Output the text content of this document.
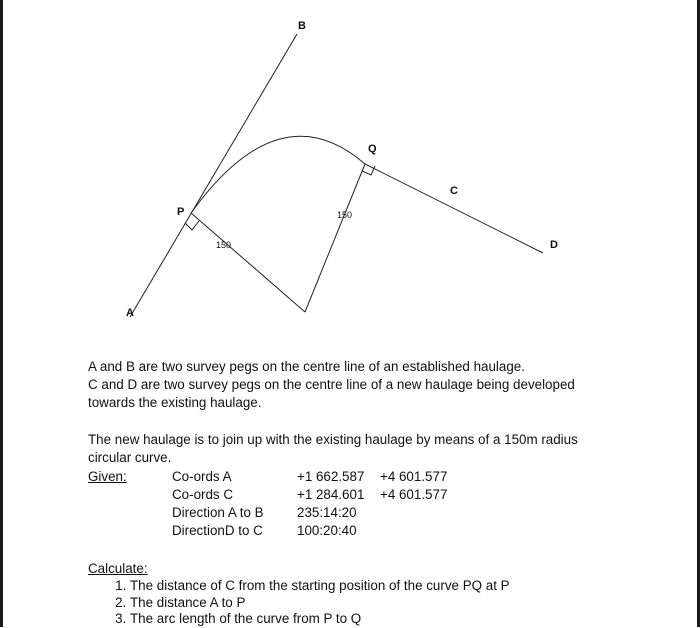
A
B
P
Q
C
D
150
150

A and B are two survey pegs on the centre line of an established haulage.

C and D are two survey pegs on the centre line of a new haulage being developed

towards the existing haulage.

The new haulage is to join up with the existing haulage by means of a 150m radius

circular curve.

Given:	Co-ords A	+1 662.587 +4 601.577
Co-ords C	+1 284.601 +4 601.577
Direction A to B 235:14:20
DirectionD to C	100:20:40
Calculate:
1. The distance of C from the starting position of the curve PQ at P
2. The distance A to P
3. The arc length of the curve from P to Q
